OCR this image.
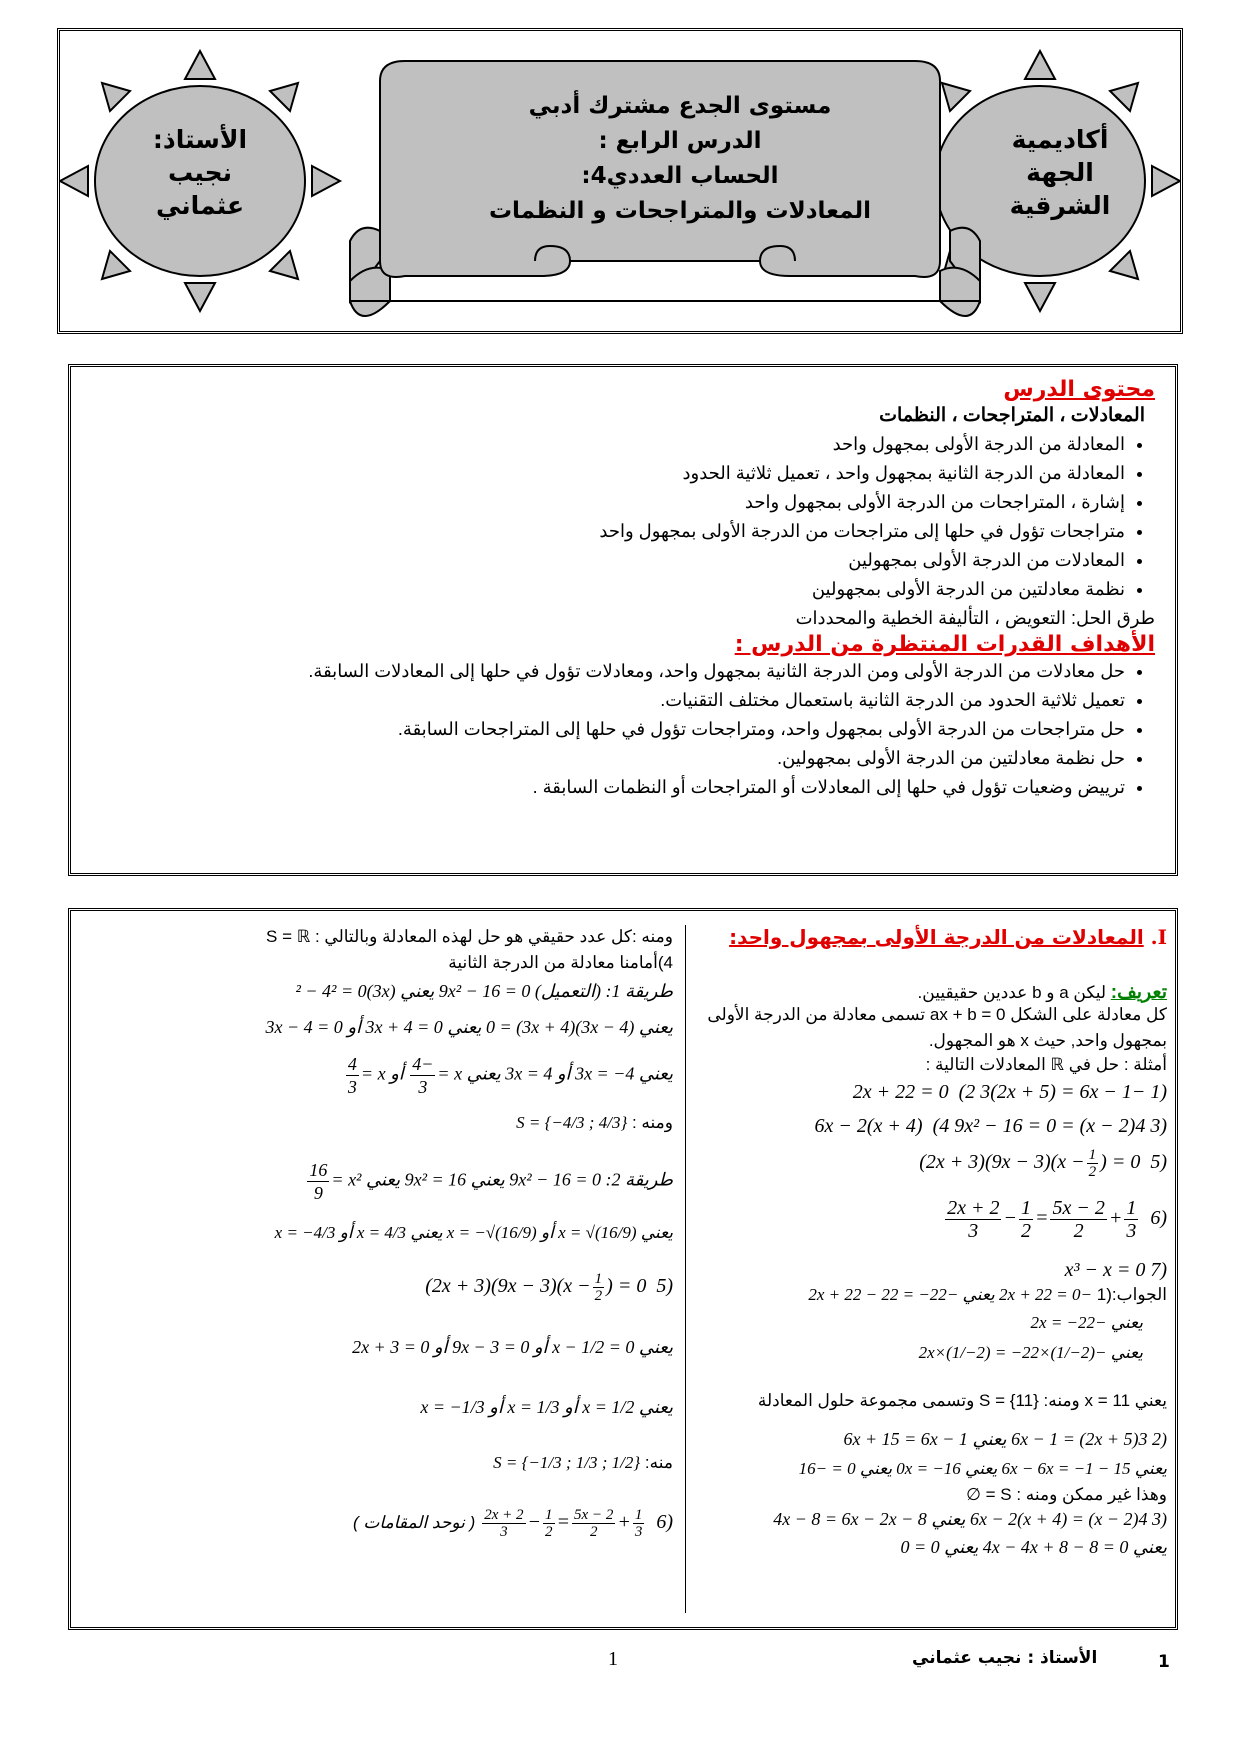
أكاديمية الجهة الشرقية
الأستاذ: نجيب عثماني
مستوى الجدع مشترك أدبي
الدرس الرابع :
الحساب العددي4:
المعادلات والمتراجحات و النظمات
محتوى الدرس
المعادلات ، المتراجحات ، النظمات
• المعادلة من الدرجة الأولى بمجهول واحد
• المعادلة من الدرجة الثانية بمجهول واحد ، تعميل ثلاثية الحدود
• إشارة ، المتراجحات من الدرجة الأولى بمجهول واحد
• متراجحات تؤول في حلها إلى متراجحات من الدرجة الأولى بمجهول واحد
• المعادلات من الدرجة الأولى بمجهولين
• نظمة معادلتين من الدرجة الأولى بمجهولين
طرق الحل: التعويض ، التأليفة الخطية والمحددات
الأهداف القدرات المنتظرة من الدرس :
• حل معادلات من الدرجة الأولى ومن الدرجة الثانية بمجهول واحد، ومعادلات تؤول في حلها إلى المعادلات السابقة.
• تعميل ثلاثية الحدود من الدرجة الثانية باستعمال مختلف التقنيات.
• حل متراجحات من الدرجة الأولى بمجهول واحد، ومتراجحات تؤول في حلها إلى المتراجحات السابقة.
• حل نظمة معادلتين من الدرجة الأولى بمجهولين.
• ترييض وضعيات تؤول في حلها إلى المعادلات أو المتراجحات أو النظمات السابقة .
I. المعادلات من الدرجة الأولى بمجهول واحد:
تعريف: ليكن a و b عددين حقيقيين.
كل معادلة على الشكل ax + b = 0 تسمى معادلة من الدرجة الأولى
بمجهول واحد, حيث x هو المجهول.
أمثلة : حل في ℝ المعادلات التالية :
(1 −2x + 22 = 0  (2 3(2x + 5) = 6x − 1
(3 4(x − 2) = 6x − 2(x + 4)  (4 9x² − 16 = 0
(5  $(2x + 3)(9x - 3)(x - \frac{1}{2}$ ) = 0
(6
$\frac{2x + 2}{3} - \frac{1}{2} = \frac{5x - 2}{2} + \frac{1}{3}$
(7 x³ − x = 0
الجواب:(1 −2x + 22 = 0 يعني −2x + 22 − 22 = −22
يعني −2x = −22
يعني −2x×(1/−2) = −22×(1/−2)
يعني x = 11 ومنه: S = {11} وتسمى مجموعة حلول المعادلة
(2 3(2x + 5) = 6x − 1 يعني 6x + 15 = 6x − 1
يعني 6x − 6x = −1 − 15 يعني 0x = −16 يعني 0 = −16
وهذا غير ممكن ومنه : S = ∅
(3 4(x − 2) = 6x − 2(x + 4) يعني 4x − 8 = 6x − 2x − 8
يعني 4x − 4x + 8 − 8 = 0 يعني 0 = 0
ومنه :كل عدد حقيقي هو حل لهذه المعادلة وبالتالي : S = ℝ
4)أمامنا معادلة من الدرجة الثانية
طريقة 1: (التعميل) 9x² − 16 = 0 يعني (3x)² − 4² = 0
يعني (3x − 4)(3x + 4) = 0 يعني 3x + 4 = 0 أو 3x − 4 = 0
يعني 3x = −4 أو 3x = 4 يعني x =
$\frac{-4}{3}$
أو x =
$\frac{4}{3}$
ومنه : S = {−4/3 ; 4/3}
طريقة 2: 9x² − 16 = 0 يعني 9x² = 16 يعني x² =
$\frac{16}{9}$
يعني x = √(16/9) أو x = −√(16/9) يعني x = 4/3 أو x = −4/3
(5  $(2x + 3)(9x - 3)(x - \frac{1}{2}$ ) = 0
يعني x − 1/2 = 0 أو 9x − 3 = 0 أو 2x + 3 = 0
يعني x = 1/2 أو x = 1/3 أو x = −1/3
منه: S = {−1/3 ; 1/3 ; 1/2}
(6
$\frac{2x + 2}{3} - \frac{1}{2} = \frac{5x - 2}{2} + \frac{1}{3}$
( نوحد المقامات )
1
الأستاذ : نجيب عثماني
1
